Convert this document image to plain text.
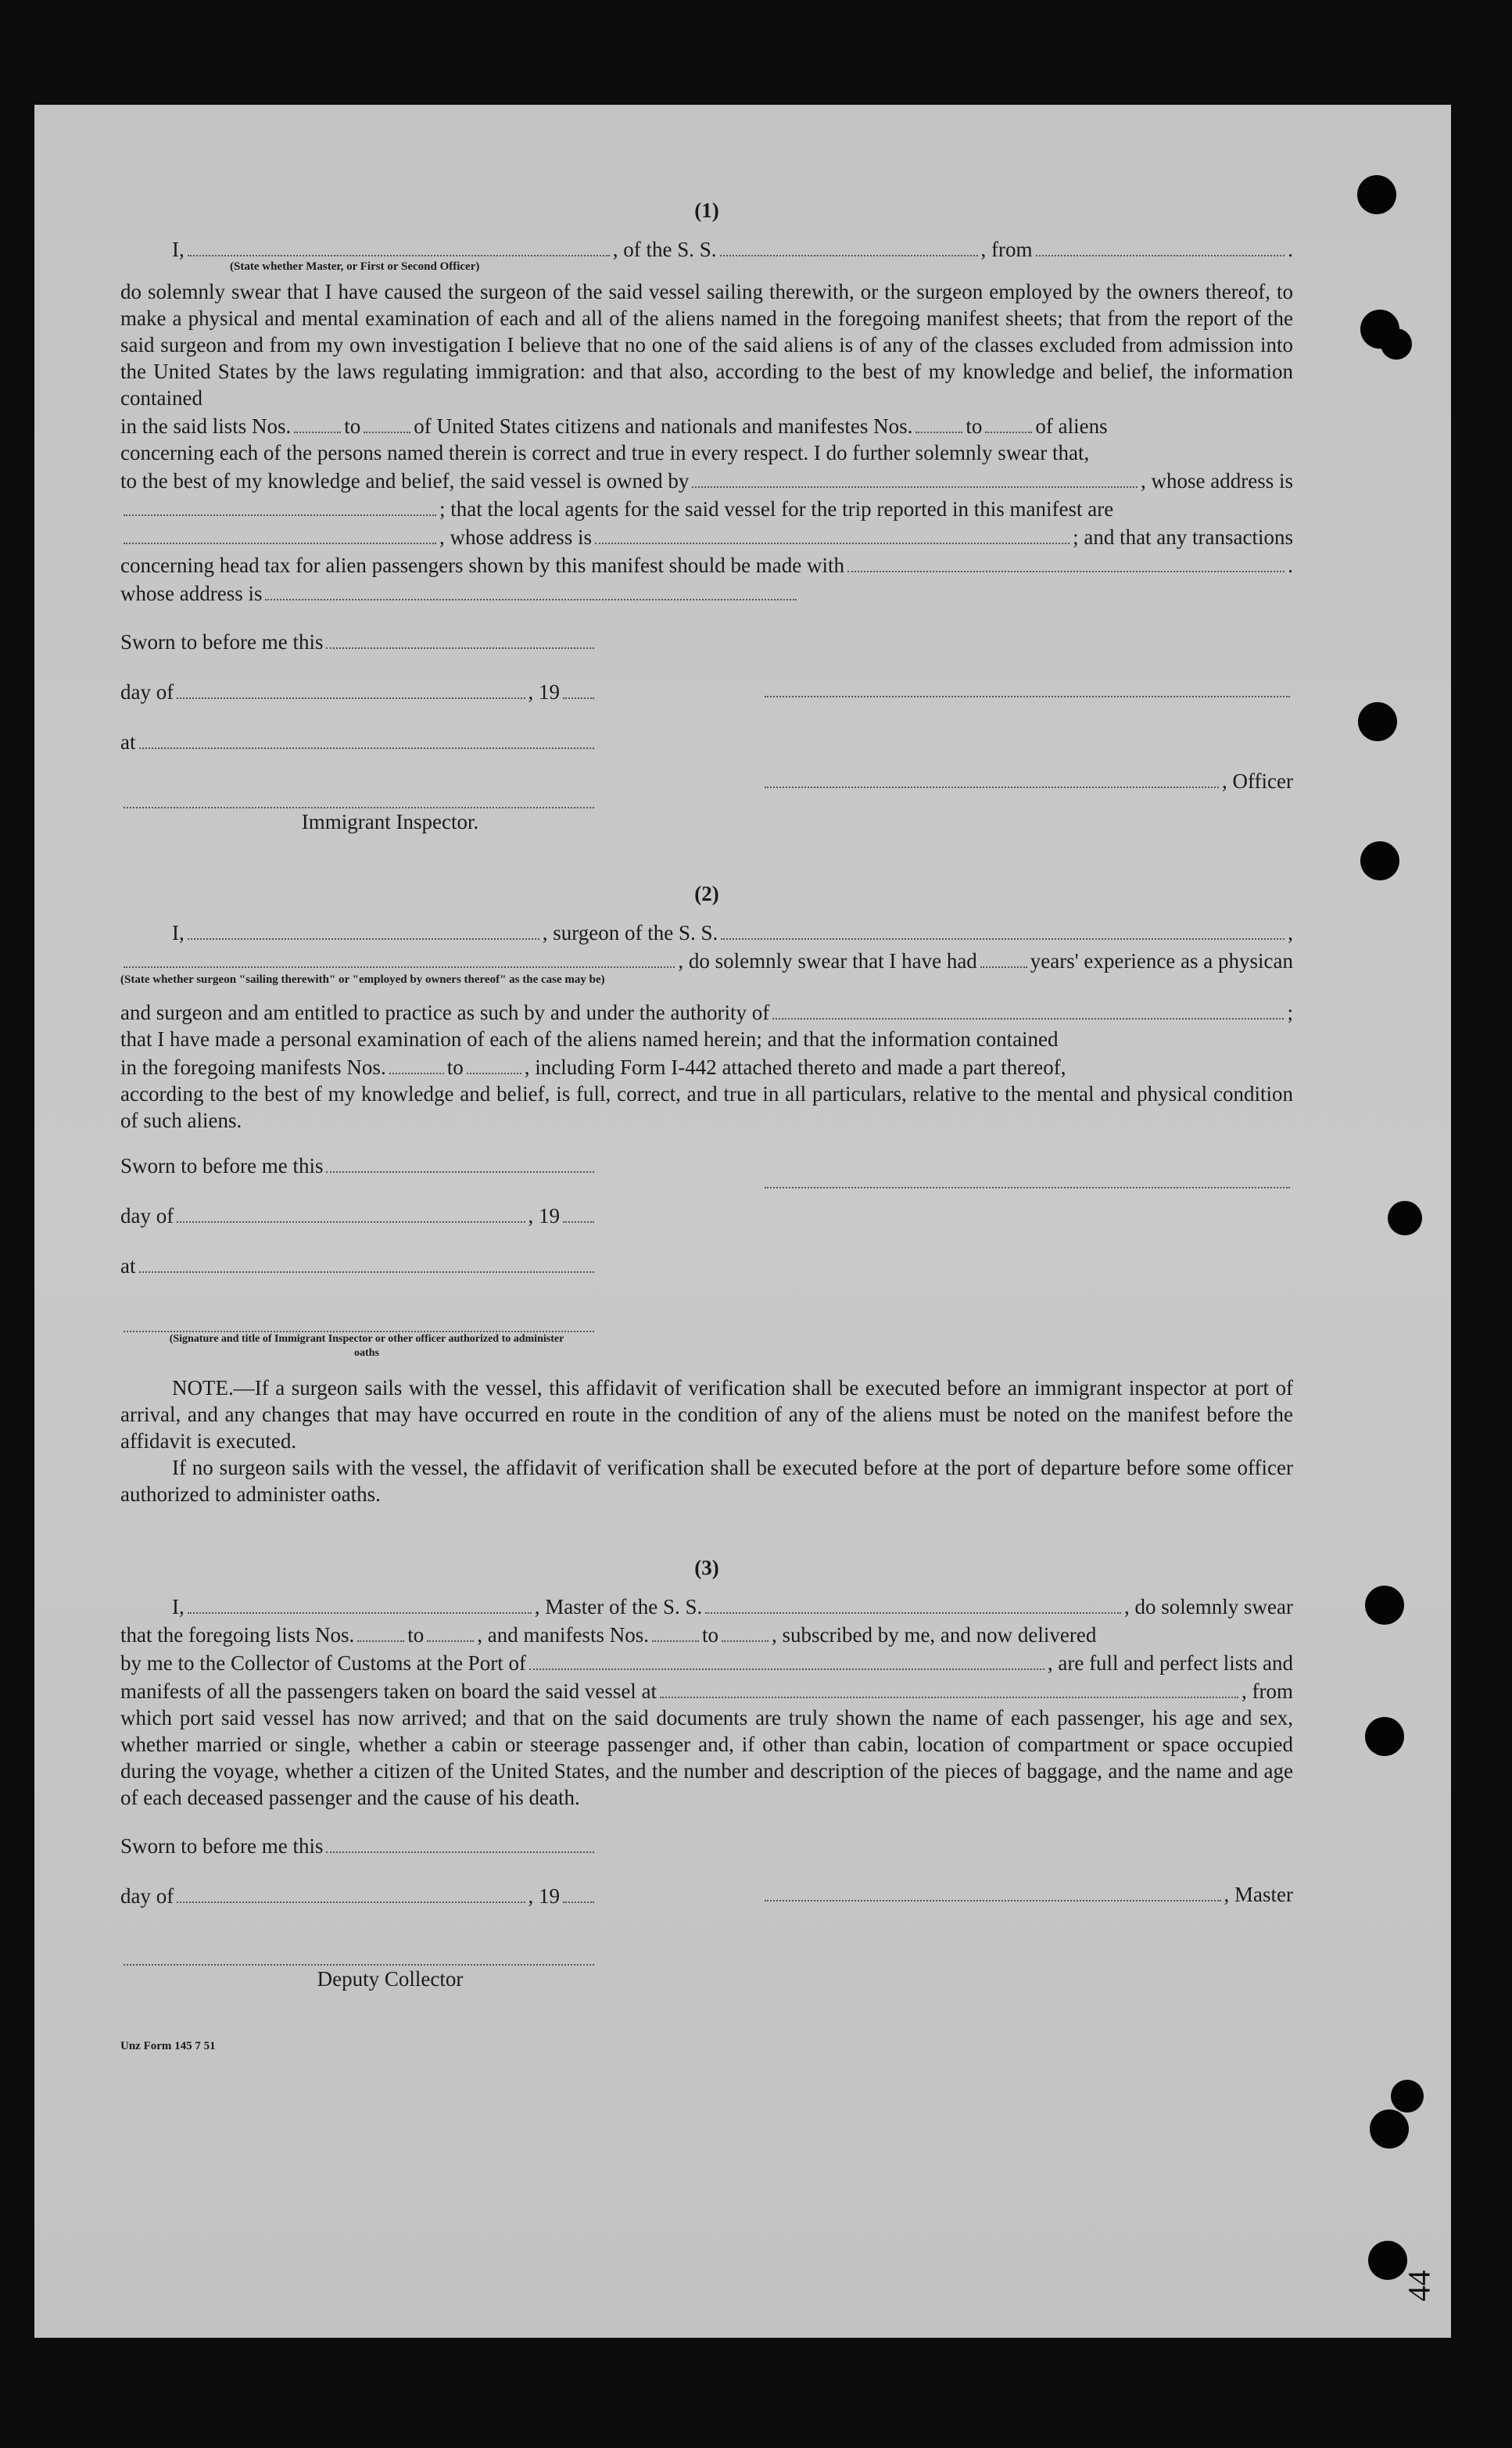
44
(1)
I,	, of the S. S.	, from	.
(State whether Master, or First or Second Officer)

do solemnly swear that I have caused the surgeon of the said vessel sailing therewith, or the surgeon employed by the owners thereof, to make a physical and mental examination of each and all of the aliens named in the foregoing manifest sheets; that from the report of the said surgeon and from my own investigation I believe that no one of the said aliens is of any of the classes excluded from admission into the United States by the laws regulating immigration: and that also, according to the best of my knowledge and belief, the information contained

in the said lists Nos.	to	of United States citizens and nationals and manifestes Nos.	to	of aliens

concerning each of the persons named therein is correct and true in every respect. I do further solemnly swear that,

to the best of my knowledge and belief, the said vessel is owned by	, whose address is
; that the local agents for the said vessel for the trip reported in this manifest are
, whose address is	; and that any transactions
concerning head tax for alien passengers shown by this manifest should be made with	.
whose address is
Sworn to before me this
day of	, 19
at
Immigrant Inspector.
, Officer
(2)
I,	, surgeon of the S. S.	,
, do solemnly swear that I have had	years' experience as a physican
(State whether surgeon "sailing therewith" or "employed by owners thereof" as the case may be)
and surgeon and am entitled to practice as such by and under the authority of	;

that I have made a personal examination of each of the aliens named herein; and that the information contained

in the foregoing manifests Nos.	to	, including Form I-442 attached thereto and made a part thereof,

according to the best of my knowledge and belief, is full, correct, and true in all particulars, relative to the mental and physical condition of such aliens.

Sworn to before me this
day of	, 19
at
(Signature and title of Immigrant Inspector or other officer authorized to administer oaths

NOTE.—If a surgeon sails with the vessel, this affidavit of verification shall be executed before an immigrant inspector at port of arrival, and any changes that may have occurred en route in the condition of any of the aliens must be noted on the manifest before the affidavit is executed.

If no surgeon sails with the vessel, the affidavit of verification shall be executed before at the port of departure before some officer authorized to administer oaths.

(3)
I,	, Master of the S. S.	, do solemnly swear
that the foregoing lists Nos.	to	, and manifests Nos.	to	, subscribed by me, and now delivered
by me to the Collector of Customs at the Port of	, are full and perfect lists and
manifests of all the passengers taken on board the said vessel at	, from

which port said vessel has now arrived; and that on the said documents are truly shown the name of each passenger, his age and sex, whether married or single, whether a cabin or steerage passenger and, if other than cabin, location of compartment or space occupied during the voyage, whether a citizen of the United States, and the number and description of the pieces of baggage, and the name and age of each deceased passenger and the cause of his death.

Sworn to before me this
day of	, 19
Deputy Collector
, Master
Unz Form 145 7 51
